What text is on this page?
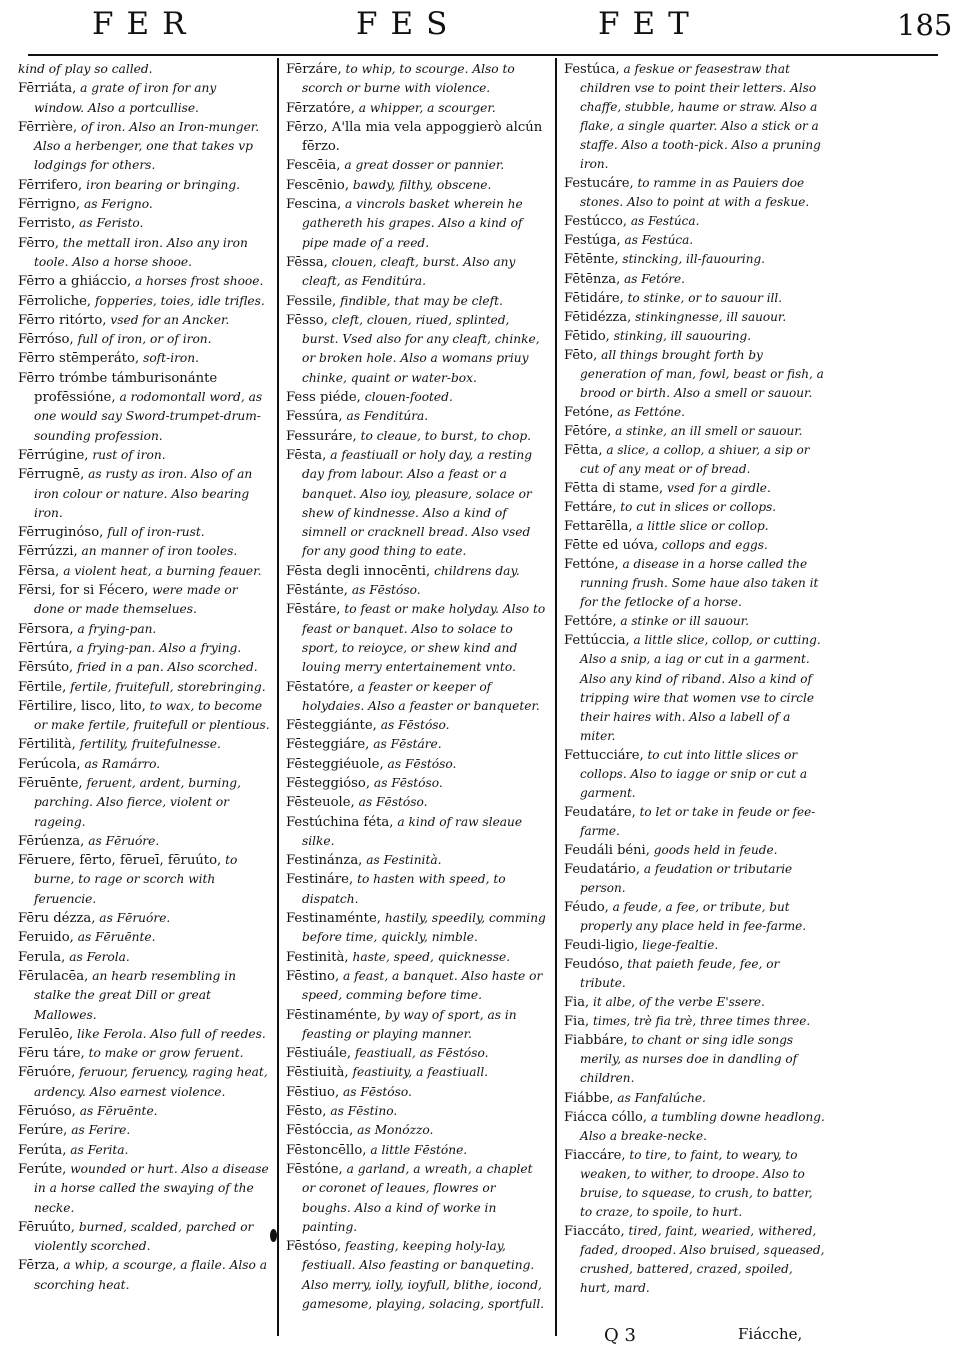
FER	FES	FET	185

kind of play so called.

Fērriáta, a grate of iron for any window. Also a portcullise.

Fērrière, of iron. Also an Iron-munger. Also a herbenger, one that takes vp lodgings for others.

Fērrifero, iron bearing or bringing.

Fērrigno, as Ferigno.

Ferristo, as Feristo.

Fērro, the mettall iron. Also any iron toole. Also a horse shooe.

Fērro a ghiáccio, a horses frost shooe.

Fērroliche, fopperies, toies, idle trifles.

Fērro ritórto, vsed for an Ancker.

Fērróso, full of iron, or of iron.

Fērro stēmperáto, soft-iron.

Fērro trómbe támburisonánte profēssióne, a rodomontall word, as one would say Sword-trumpet-drum-sounding profession.

Fērrúgine, rust of iron.

Fērrugnē, as rusty as iron. Also of an iron colour or nature. Also bearing iron.

Fērruginóso, full of iron-rust.

Fērrúzzi, an manner of iron tooles.

Fērsa, a violent heat, a burning feauer.

Fērsi, for si Fécero, were made or done or made themselues.

Fērsora, a frying-pan.

Fērtúra, a frying-pan. Also a frying.

Fērsúto, fried in a pan. Also scorched.

Fērtile, fertile, fruitefull, storebringing.

Fērtilire, lisco, lito, to wax, to become or make fertile, fruitefull or plentious.

Fērtilità, fertility, fruitefulnesse.

Ferúcola, as Ramárro.

Fēruēnte, feruent, ardent, burning, parching. Also fierce, violent or rageing.

Fērúenza, as Fēruóre.

Fēruere, fērto, fērueī, fēruúto, to burne, to rage or scorch with feruencie.

Fēru dézza, as Fēruóre.

Feruido, as Fēruēnte.

Ferula, as Ferola.

Fērulacēa, an hearb resembling in stalke the great Dill or great Mallowes.

Ferulēo, like Ferola. Also full of reedes.

Fēru táre, to make or grow feruent.

Fēruóre, feruour, feruency, raging heat, ardency. Also earnest violence.

Fēruóso, as Fēruēnte.

Ferúre, as Ferire.

Ferúta, as Ferita.

Ferúte, wounded or hurt. Also a disease in a horse called the swaying of the necke.

Fēruúto, burned, scalded, parched or violently scorched.

Fērza, a whip, a scourge, a flaile. Also a scorching heat.

Fērzáre, to whip, to scourge. Also to scorch or burne with violence.

Fērzatóre, a whipper, a scourger.

Fērzo, A'lla mia vela appoggierò alcún fērzo.

Fescēia, a great dosser or pannier.

Fescēnio, bawdy, filthy, obscene.

Fescina, a vincrols basket wherein he gathereth his grapes. Also a kind of pipe made of a reed.

Fēssa, clouen, cleaft, burst. Also any cleaft, as Fenditúra.

Fessile, findible, that may be cleft.

Fēsso, cleft, clouen, riued, splinted, burst. Vsed also for any cleaft, chinke, or broken hole. Also a womans priuy chinke, quaint or water-box.

Fess piéde, clouen-footed.

Fessúra, as Fenditúra.

Fessuráre, to cleaue, to burst, to chop.

Fēsta, a feastiuall or holy day, a resting day from labour. Also a feast or a banquet. Also ioy, pleasure, solace or shew of kindnesse. Also a kind of simnell or cracknell bread. Also vsed for any good thing to eate.

Fēsta degli innocēnti, childrens day.

Fēstánte, as Fēstóso.

Fēstáre, to feast or make holyday. Also to feast or banquet. Also to solace to sport, to reioyce, or shew kind and louing merry entertainement vnto.

Fēstatóre, a feaster or keeper of holydaies. Also a feaster or banqueter.

Fēsteggiánte, as Fēstóso.

Fēsteggiáre, as Fēstáre.

Fēsteggiéuole, as Fēstóso.

Fēsteggióso, as Fēstóso.

Fēsteuole, as Fēstóso.

Festúchina féta, a kind of raw sleaue silke.

Festinánza, as Festinità.

Festináre, to hasten with speed, to dispatch.

Festinaménte, hastily, speedily, comming before time, quickly, nimble.

Festinità, haste, speed, quicknesse.

Fēstino, a feast, a banquet. Also haste or speed, comming before time.

Fēstinaménte, by way of sport, as in feasting or playing manner.

Fēstiuále, feastiuall, as Fēstóso.

Fēstiuità, feastiuity, a feastiuall.

Fēstiuo, as Fēstóso.

Fēsto, as Fēstino.

Fēstóccia, as Monózzo.

Fēstoncēllo, a little Fēstóne.

Fēstóne, a garland, a wreath, a chaplet or coronet of leaues, flowres or boughs. Also a kind of worke in painting.

Fēstóso, feasting, keeping holy-lay, festiuall. Also feasting or banqueting. Also merry, iolly, ioyfull, blithe, iocond, gamesome, playing, solacing, sportfull.

Festúca, a feskue or feasestraw that children vse to point their letters. Also chaffe, stubble, haume or straw. Also a flake, a single quarter. Also a stick or a staffe. Also a tooth-pick. Also a pruning iron.

Festucáre, to ramme in as Pauiers doe stones. Also to point at with a feskue.

Festúcco, as Festúca.

Festúga, as Festúca.

Fētēnte, stincking, ill-fauouring.

Fētēnza, as Fetóre.

Fētidáre, to stinke, or to sauour ill.

Fētidézza, stinkingnesse, ill sauour.

Fētido, stinking, ill sauouring.

Fēto, all things brought forth by generation of man, fowl, beast or fish, a brood or birth. Also a smell or sauour.

Fetóne, as Fettóne.

Fētóre, a stinke, an ill smell or sauour.

Fētta, a slice, a collop, a shiuer, a sip or cut of any meat or of bread.

Fētta di stame, vsed for a girdle.

Fettáre, to cut in slices or collops.

Fettarēlla, a little slice or collop.

Fētte ed uóva, collops and eggs.

Fettóne, a disease in a horse called the running frush. Some haue also taken it for the fetlocke of a horse.

Fettóre, a stinke or ill sauour.

Fettúccia, a little slice, collop, or cutting. Also a snip, a iag or cut in a garment. Also any kind of riband. Also a kind of tripping wire that women vse to circle their haires with. Also a labell of a miter.

Fettucciáre, to cut into little slices or collops. Also to iagge or snip or cut a garment.

Feudatáre, to let or take in feude or fee-farme.

Feudáli béni, goods held in feude.

Feudatário, a feudation or tributarie person.

Féudo, a feude, a fee, or tribute, but properly any place held in fee-farme.

Feudi-ligio, liege-fealtie.

Feudóso, that paieth feude, fee, or tribute.

Fia, it albe, of the verbe E'ssere.

Fia, times, trè fia trè, three times three.

Fiabbáre, to chant or sing idle songs merily, as nurses doe in dandling of children.

Fiábbe, as Fanfalúche.

Fiácca cóllo, a tumbling downe headlong. Also a breake-necke.

Fiaccáre, to tire, to faint, to weary, to weaken, to wither, to droope. Also to bruise, to squease, to crush, to batter, to craze, to spoile, to hurt.

Fiaccáto, tired, faint, wearied, withered, faded, drooped. Also bruised, squeased, crushed, battered, crazed, spoiled, hurt, mard.

Q 3	Fiácche,
